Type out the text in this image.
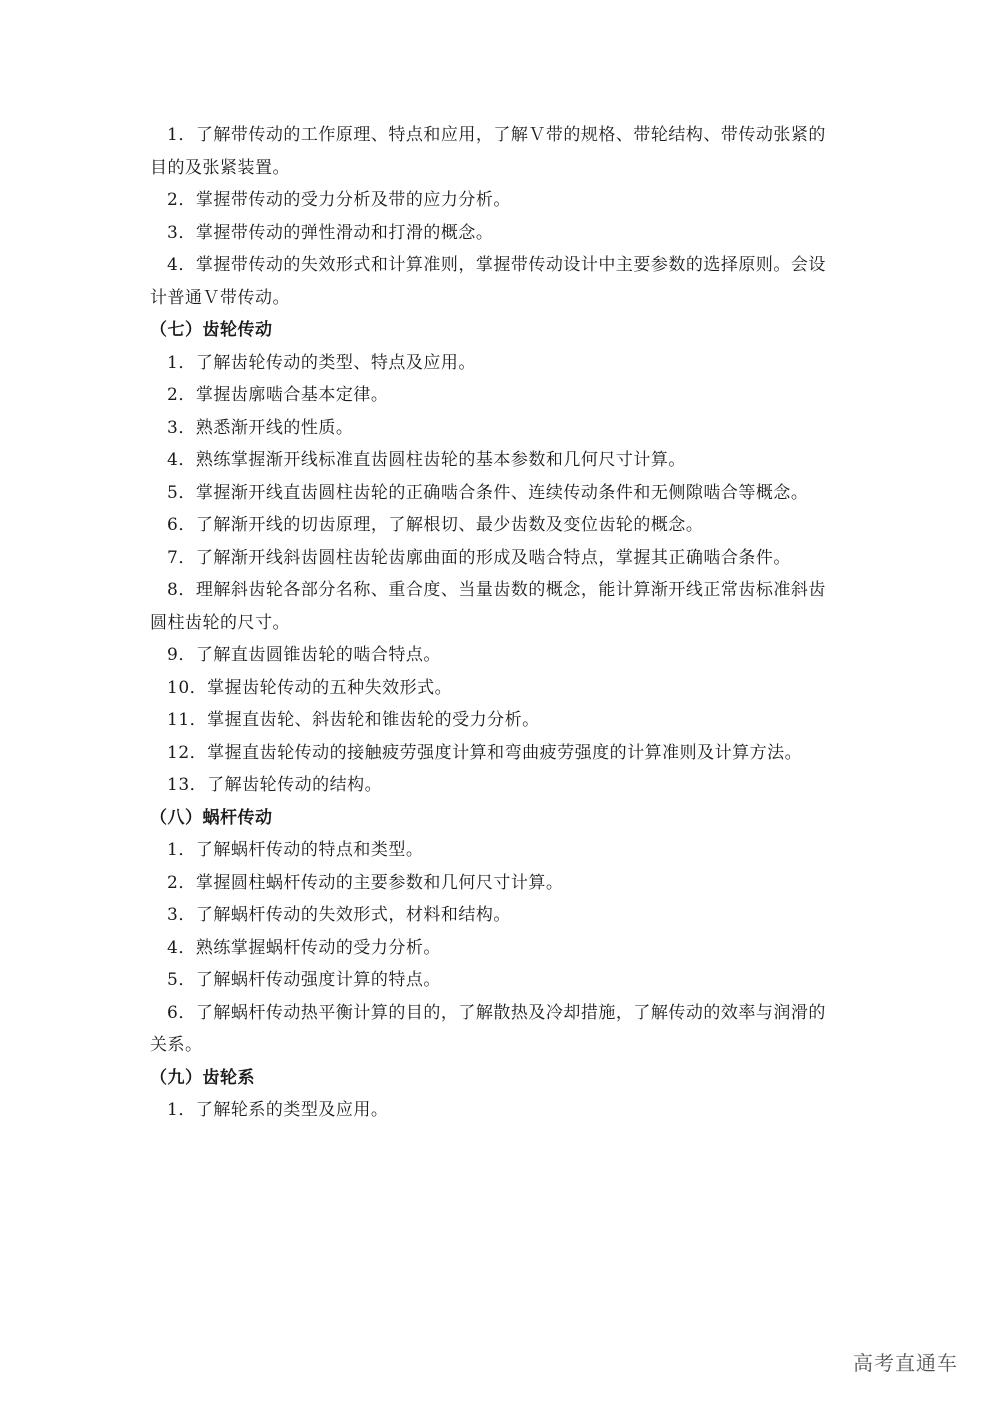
1．了解带传动的工作原理、特点和应用，了解Ｖ带的规格、带轮结构、带传动张紧的目的及张紧装置。

2．掌握带传动的受力分析及带的应力分析。

3．掌握带传动的弹性滑动和打滑的概念。

4．掌握带传动的失效形式和计算准则，掌握带传动设计中主要参数的选择原则。会设计普通Ｖ带传动。

（七）齿轮传动

1．了解齿轮传动的类型、特点及应用。

2．掌握齿廓啮合基本定律。

3．熟悉渐开线的性质。

4．熟练掌握渐开线标准直齿圆柱齿轮的基本参数和几何尺寸计算。

5．掌握渐开线直齿圆柱齿轮的正确啮合条件、连续传动条件和无侧隙啮合等概念。

6．了解渐开线的切齿原理，了解根切、最少齿数及变位齿轮的概念。

7．了解渐开线斜齿圆柱齿轮齿廓曲面的形成及啮合特点，掌握其正确啮合条件。

8．理解斜齿轮各部分名称、重合度、当量齿数的概念，能计算渐开线正常齿标准斜齿圆柱齿轮的尺寸。

9．了解直齿圆锥齿轮的啮合特点。

10．掌握齿轮传动的五种失效形式。

11．掌握直齿轮、斜齿轮和锥齿轮的受力分析。

12．掌握直齿轮传动的接触疲劳强度计算和弯曲疲劳强度的计算准则及计算方法。

13．了解齿轮传动的结构。

（八）蜗杆传动

1．了解蜗杆传动的特点和类型。

2．掌握圆柱蜗杆传动的主要参数和几何尺寸计算。

3．了解蜗杆传动的失效形式，材料和结构。

4．熟练掌握蜗杆传动的受力分析。

5．了解蜗杆传动强度计算的特点。

6．了解蜗杆传动热平衡计算的目的，了解散热及冷却措施，了解传动的效率与润滑的关系。

（九）齿轮系

1．了解轮系的类型及应用。

高考直通车
